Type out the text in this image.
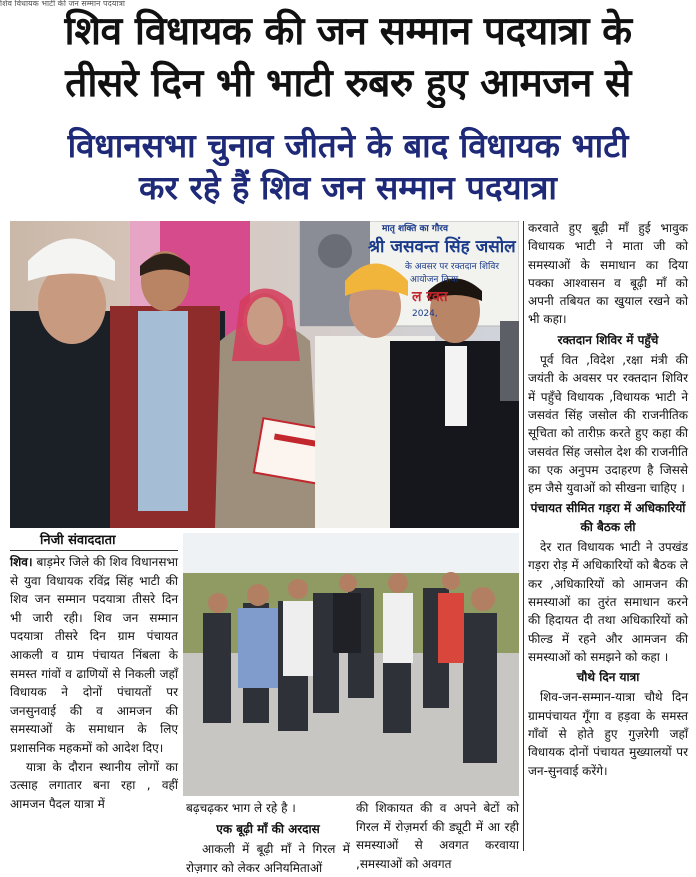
शिव विधायक भाटी की जन सम्मान पदयात्रा
शिव विधायक की जन सम्मान पदयात्रा के
तीसरे दिन भी भाटी रुबरु हुए आमजन से
विधानसभा चुनाव जीतने के बाद विधायक भाटी
कर रहे हैं शिव जन सम्मान पदयात्रा
मातृ शक्ति का गौरव
श्री जसवन्त सिंह जसोल
के अवसर पर रक्तदान शिविर
आयोजन किया
ल रक्त
2024,

निजी संवाददाता

शिव। बाड़मेर जिले की शिव विधानसभा से युवा विधायक रविंद्र सिंह भाटी की शिव जन सम्मान पदयात्रा तीसरे दिन भी जारी रही। शिव जन सम्मान पदयात्रा तीसरे दिन ग्राम पंचायत आकली व ग्राम पंचायत निंबला के समस्त गांवों व ढाणियों से निकली जहाँ विधायक ने दोनों पंचायतों पर जनसुनवाई की व आमजन की समस्याओं के समाधान के लिए प्रशासनिक महकमों को आदेश दिए।

यात्रा के दौरान स्थानीय लोगों का उत्साह लगातार बना रहा , वहीं आमजन पैदल यात्रा में	बढ़चढ़कर भाग ले रहे है ।

एक बूढ़ी माँ की अरदास

आकली में बूढ़ी माँ ने गिरल में रोज़गार को लेकर अनियमिताओं

की शिकायत की व अपने बेटों को गिरल में रोज़मर्रा की ड्यूटी में आ रही समस्याओं से अवगत करवाया ,समस्याओं को अवगत

करवाते हुए बूढ़ी माँ हुई भावुक विधायक भाटी ने माता जी को समस्याओं के समाधान का दिया पक्का आश्वासन व बूढ़ी माँ को अपनी तबियत का खुयाल रखने को भी कहा।

रक्तदान शिविर में पहुँचे

पूर्व वित ,विदेश ,रक्षा मंत्री की जयंती के अवसर पर रक्तदान शिविर में पहुँचे विधायक ,विधायक भाटी ने जसवंत सिंह जसोल की राजनीतिक सूचिता को तारीफ़ करते हुए कहा की जसवंत सिंह जसोल देश की राजनीति का एक अनुपम उदाहरण है जिससे हम जैसे युवाओं को सीखना चाहिए ।

पंचायत सीमित गड़रा में अधिकारियों की बैठक ली

देर रात विधायक भाटी ने उपखंड गड़रा रोड़ में अधिकारियों को बैठक ले कर ,अधिकारियों को आमजन की समस्याओं का तुरंत समाधान करने की हिदायत दी तथा अधिकारियों को फील्ड में रहने और आमजन की समस्याओं को समझने को कहा ।

चौथे दिन यात्रा

शिव-जन-सम्मान-यात्रा चौथे दिन ग्रामपंचायत गूँगा व हड़वा के समस्त गाँवों से होते हुए गुज़रेगी जहाँ विधायक दोनों पंचायत मुख्यालयों पर जन-सुनवाई करेंगे।
